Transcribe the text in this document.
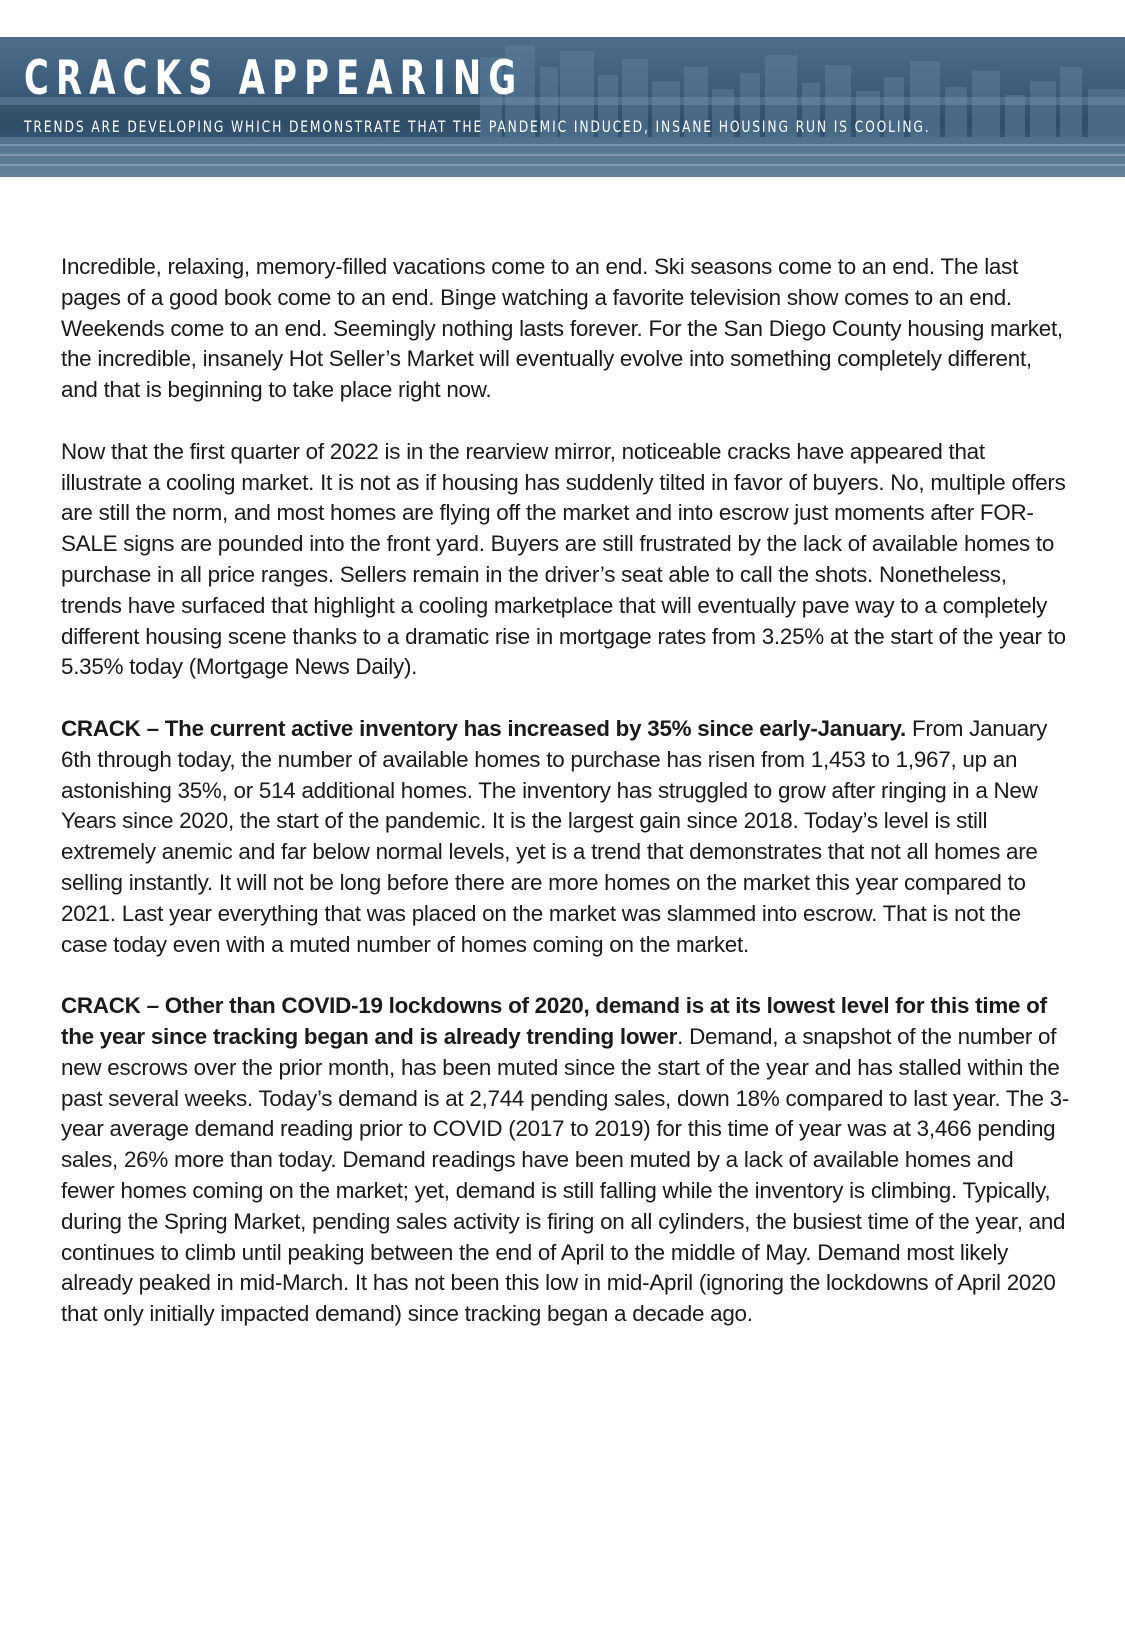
CRACKS APPEARING

TRENDS ARE DEVELOPING WHICH DEMONSTRATE THAT THE PANDEMIC INDUCED, INSANE HOUSING RUN IS COOLING.

Incredible, relaxing, memory-filled vacations come to an end. Ski seasons come to an end. The last pages of a good book come to an end. Binge watching a favorite television show comes to an end. Weekends come to an end. Seemingly nothing lasts forever. For the San Diego County housing market, the incredible, insanely Hot Seller’s Market will eventually evolve into something completely different, and that is beginning to take place right now.

Now that the first quarter of 2022 is in the rearview mirror, noticeable cracks have appeared that illustrate a cooling market. It is not as if housing has suddenly tilted in favor of buyers. No, multiple offers are still the norm, and most homes are flying off the market and into escrow just moments after FOR-SALE signs are pounded into the front yard. Buyers are still frustrated by the lack of available homes to purchase in all price ranges. Sellers remain in the driver’s seat able to call the shots. Nonetheless, trends have surfaced that highlight a cooling marketplace that will eventually pave way to a completely different housing scene thanks to a dramatic rise in mortgage rates from 3.25% at the start of the year to 5.35% today (Mortgage News Daily).

CRACK – The current active inventory has increased by 35% since early-January. From January 6th through today, the number of available homes to purchase has risen from 1,453 to 1,967, up an astonishing 35%, or 514 additional homes. The inventory has struggled to grow after ringing in a New Years since 2020, the start of the pandemic. It is the largest gain since 2018. Today’s level is still extremely anemic and far below normal levels, yet is a trend that demonstrates that not all homes are selling instantly. It will not be long before there are more homes on the market this year compared to 2021. Last year everything that was placed on the market was slammed into escrow. That is not the case today even with a muted number of homes coming on the market.

CRACK – Other than COVID-19 lockdowns of 2020, demand is at its lowest level for this time of the year since tracking began and is already trending lower. Demand, a snapshot of the number of new escrows over the prior month, has been muted since the start of the year and has stalled within the past several weeks. Today’s demand is at 2,744 pending sales, down 18% compared to last year. The 3-year average demand reading prior to COVID (2017 to 2019) for this time of year was at 3,466 pending sales, 26% more than today. Demand readings have been muted by a lack of available homes and fewer homes coming on the market; yet, demand is still falling while the inventory is climbing. Typically, during the Spring Market, pending sales activity is firing on all cylinders, the busiest time of the year, and continues to climb until peaking between the end of April to the middle of May. Demand most likely already peaked in mid-March. It has not been this low in mid-April (ignoring the lockdowns of April 2020 that only initially impacted demand) since tracking began a decade ago.
